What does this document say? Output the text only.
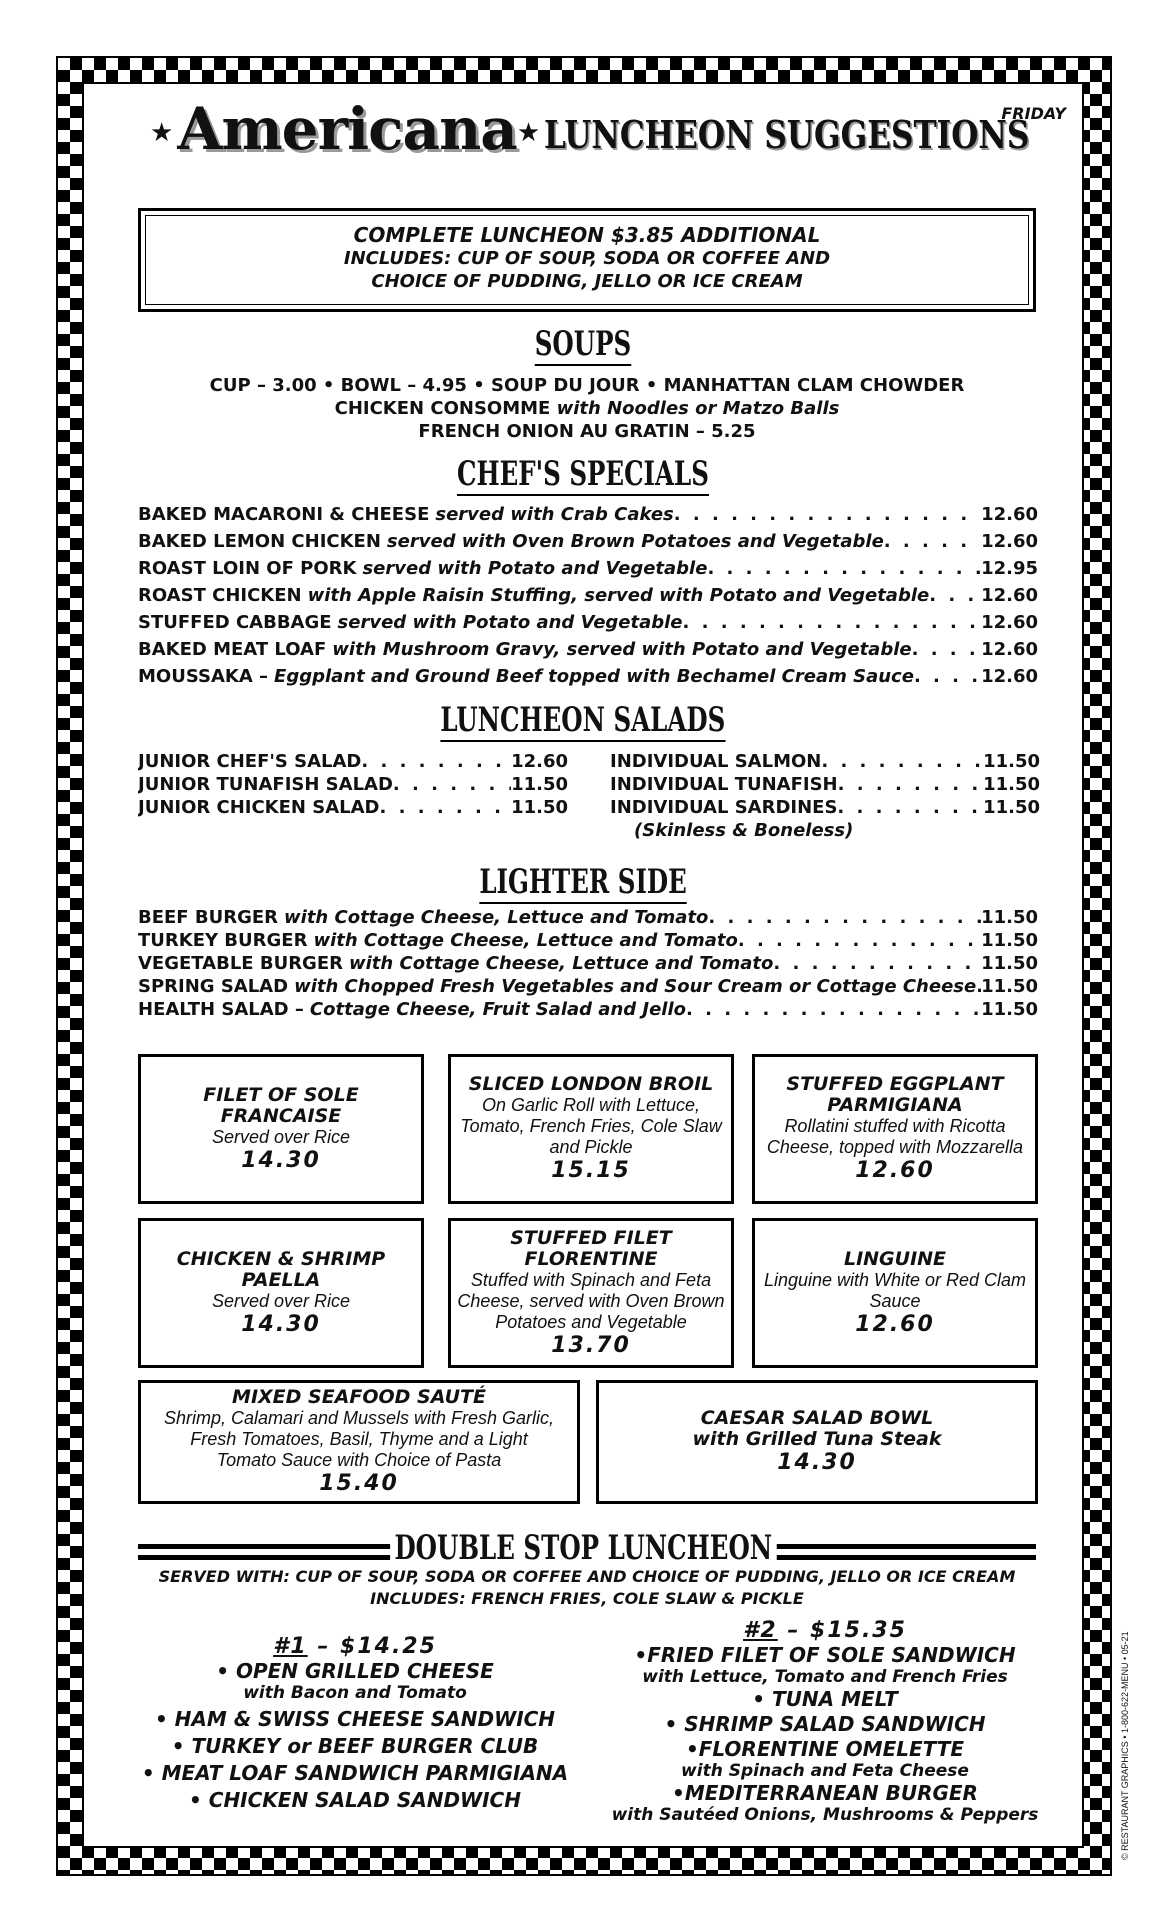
FRIDAY
★ Americana ★ LUNCHEON SUGGESTIONS
COMPLETE LUNCHEON $3.85 ADDITIONAL
INCLUDES: CUP OF SOUP, SODA OR COFFEE AND
CHOICE OF PUDDING, JELLO OR ICE CREAM
SOUPS
CUP – 3.00 • BOWL – 4.95 • SOUP DU JOUR • MANHATTAN CLAM CHOWDER
CHICKEN CONSOMME with Noodles or Matzo Balls
FRENCH ONION AU GRATIN – 5.25
CHEF'S SPECIALS
BAKED MACARONI & CHEESE served with Crab Cakes . . .	12.60
BAKED LEMON CHICKEN served with Oven Brown Potatoes and Vegetable . . .	12.60
ROAST LOIN OF PORK served with Potato and Vegetable . . .	12.95
ROAST CHICKEN with Apple Raisin Stuffing, served with Potato and Vegetable . . .	12.60
STUFFED CABBAGE served with Potato and Vegetable . . .	12.60
BAKED MEAT LOAF with Mushroom Gravy, served with Potato and Vegetable . . .	12.60
MOUSSAKA – Eggplant and Ground Beef topped with Bechamel Cream Sauce . . .	12.60
LUNCHEON SALADS
JUNIOR CHEF'S SALAD . . .	12.60
JUNIOR TUNAFISH SALAD . . .	11.50
JUNIOR CHICKEN SALAD . . .	11.50
INDIVIDUAL SALMON . . .	11.50
INDIVIDUAL TUNAFISH . . .	11.50
INDIVIDUAL SARDINES . . .	11.50
(Skinless & Boneless)
LIGHTER SIDE
BEEF BURGER with Cottage Cheese, Lettuce and Tomato . . .	11.50
TURKEY BURGER with Cottage Cheese, Lettuce and Tomato . . .	11.50
VEGETABLE BURGER with Cottage Cheese, Lettuce and Tomato . . .	11.50
SPRING SALAD with Chopped Fresh Vegetables and Sour Cream or Cottage Cheese . . . 11.50
HEALTH SALAD – Cottage Cheese, Fruit Salad and Jello . . .	11.50
FILET OF SOLE FRANCAISE
Served over Rice
14.30
SLICED LONDON BROIL
On Garlic Roll with Lettuce, Tomato, French Fries, Cole Slaw and Pickle
15.15
STUFFED EGGPLANT PARMIGIANA
Rollatini stuffed with Ricotta Cheese, topped with Mozzarella
12.60
CHICKEN & SHRIMP PAELLA
Served over Rice
14.30
STUFFED FILET FLORENTINE
Stuffed with Spinach and Feta Cheese, served with Oven Brown Potatoes and Vegetable
13.70
LINGUINE
Linguine with White or Red Clam Sauce
12.60
MIXED SEAFOOD SAUTÉ
Shrimp, Calamari and Mussels with Fresh Garlic, Fresh Tomatoes, Basil, Thyme and a Light Tomato Sauce with Choice of Pasta
15.40
CAESAR SALAD BOWL
with Grilled Tuna Steak
14.30
DOUBLE STOP LUNCHEON
SERVED WITH: CUP OF SOUP, SODA OR COFFEE AND CHOICE OF PUDDING, JELLO OR ICE CREAM
INCLUDES: FRENCH FRIES, COLE SLAW & PICKLE
#1 – $14.25
• OPEN GRILLED CHEESE
with Bacon and Tomato
• HAM & SWISS CHEESE SANDWICH
• TURKEY or BEEF BURGER CLUB
• MEAT LOAF SANDWICH PARMIGIANA
• CHICKEN SALAD SANDWICH
#2 – $15.35
•FRIED FILET OF SOLE SANDWICH
with Lettuce, Tomato and French Fries
• TUNA MELT
• SHRIMP SALAD SANDWICH
•FLORENTINE OMELETTE
with Spinach and Feta Cheese
•MEDITERRANEAN BURGER
with Sautéed Onions, Mushrooms & Peppers	© RESTAURANT GRAPHICS • 1-800-622-MENU • 05-21
